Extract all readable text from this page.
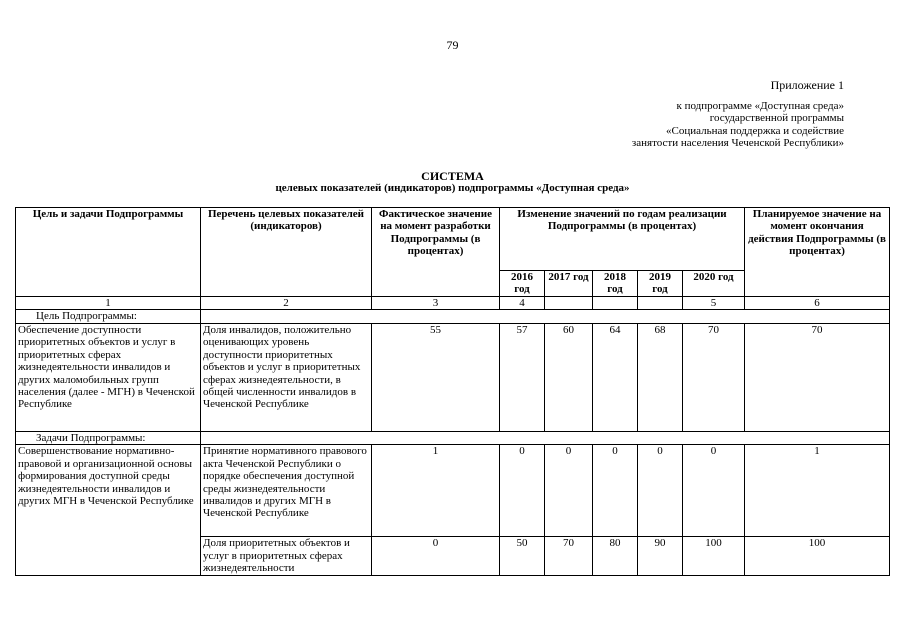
79
Приложение 1
к подпрограмме «Доступная среда»
государственной программы
«Социальная поддержка и содействие
занятости населения Чеченской Республики»
СИСТЕМА
целевых показателей (индикаторов) подпрограммы «Доступная среда»
Цель и задачи Подпрограммы	Перечень целевых показателей (индикаторов)	Фактическое значение на момент разработки Подпрограммы (в процентах)	Изменение значений по годам реализации Подпрограммы (в процентах)					Планируемое значение на момент окончания действия Подпрограммы (в процентах)
			2016 год	2017 год	2018 год	2019 год	2020 год	
1	2	3	4				5	6
Цель Подпрограммы:								
Обеспечение доступности приоритетных объектов и услуг в приоритетных сферах жизнедеятельности инвалидов и других маломобильных групп населения (далее - МГН) в Чеченской Республике	Доля инвалидов, положительно оценивающих уровень доступности приоритетных объектов и услуг в приоритетных сферах жизнедеятельности, в общей численности инвалидов в Чеченской Республике	55	57	60	64	68	70	70
Задачи Подпрограммы:								
Совершенствование нормативно-правовой и организационной основы формирования доступной среды жизнедеятельности инвалидов и других МГН в Чеченской Республике	Принятие нормативного правового акта Чеченской Республики о порядке обеспечения доступной среды жизнедеятельности инвалидов и других МГН в Чеченской Республике	1	0	0	0	0	0	1
	Доля приоритетных объектов и услуг в приоритетных сферах жизнедеятельности	0	50	70	80	90	100	100
